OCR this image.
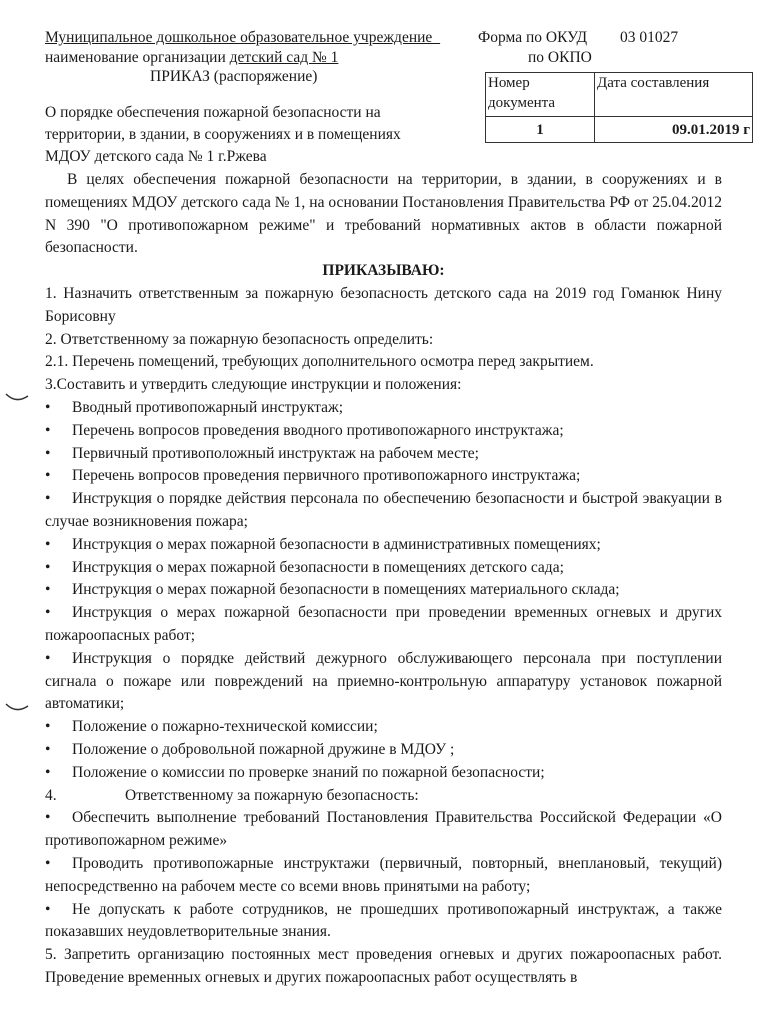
Муниципальное дошкольное образовательное учреждение_
наименование организации детский сад № 1
ПРИКАЗ (распоряжение)
Форма по ОКУД 03 01027
по ОКПО
Номер документа	Дата составления
1	09.01.2019 г
О порядке обеспечения пожарной безопасности на
территории, в здании, в сооружениях и в помещениях
МДОУ детского сада № 1 г.Ржева

В целях обеспечения пожарной безопасности на территории, в здании, в сооружениях и в помещениях МДОУ детского сада № 1, на основании Постановления Правительства РФ от 25.04.2012 N 390 "О противопожарном режиме" и требований нормативных актов в области пожарной безопасности.

ПРИКАЗЫВАЮ:

1. Назначить ответственным за пожарную безопасность детского сада на 2019 год Гоманюк Нину Борисовну

2. Ответственному за пожарную безопасность определить:

2.1. Перечень помещений, требующих дополнительного осмотра перед закрытием.

3.Составить и утвердить следующие инструкции и положения:

• Вводный противопожарный инструктаж;

• Перечень вопросов проведения вводного противопожарного инструктажа;

• Первичный противоположный инструктаж на рабочем месте;

• Перечень вопросов проведения первичного противопожарного инструктажа;

• Инструкция о порядке действия персонала по обеспечению безопасности и быстрой эвакуации в случае возникновения пожара;

• Инструкция о мерах пожарной безопасности в административных помещениях;

• Инструкция о мерах пожарной безопасности в помещениях детского сада;

• Инструкция о мерах пожарной безопасности в помещениях материального склада;

• Инструкция о мерах пожарной безопасности при проведении временных огневых и других пожароопасных работ;

• Инструкция о порядке действий дежурного обслуживающего персонала при поступлении сигнала о пожаре или повреждений на приемно-контрольную аппаратуру установок пожарной автоматики;

• Положение о пожарно-технической комиссии;

• Положение о добровольной пожарной дружине в МДОУ ;

• Положение о комиссии по проверке знаний по пожарной безопасности;

4.	Ответственному за пожарную безопасность:

• Обеспечить выполнение требований Постановления Правительства Российской Федерации «О противопожарном режиме»

• Проводить противопожарные инструктажи (первичный, повторный, внеплановый, текущий) непосредственно на рабочем месте со всеми вновь принятыми на работу;

• Не допускать к работе сотрудников, не прошедших противопожарный инструктаж, а также показавших неудовлетворительные знания.

5. Запретить организацию постоянных мест проведения огневых и других пожароопасных работ. Проведение временных огневых и других пожароопасных работ осуществлять в
